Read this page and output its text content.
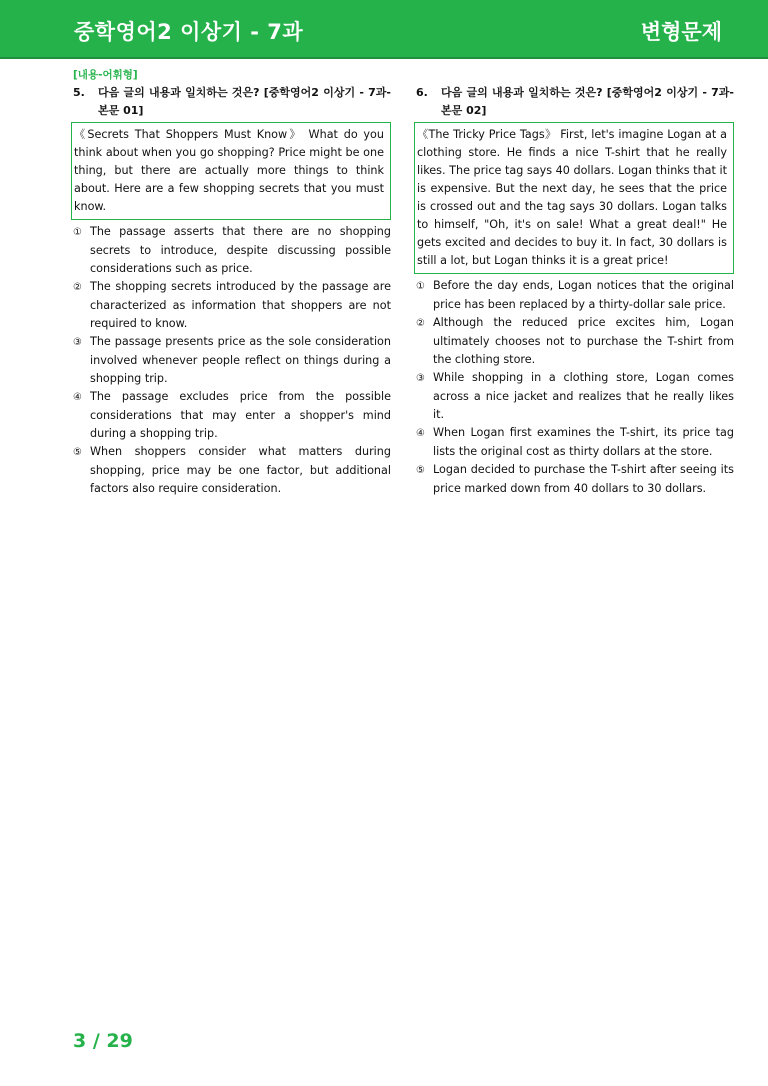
중학영어2 이상기 - 7과	변형문제
[내용-어휘형]
5.	다음 글의 내용과 일치하는 것은? [중학영어2 이상기 - 7과-본문 01]
《Secrets That Shoppers Must Know》 What do you think about when you go shopping? Price might be one thing, but there are actually more things to think about. Here are a few shopping secrets that you must know.
① The passage asserts that there are no shopping secrets to introduce, despite discussing possible considerations such as price.
② The shopping secrets introduced by the passage are characterized as information that shoppers are not required to know.
③ The passage presents price as the sole consideration involved whenever people reflect on things during a shopping trip.
④ The passage excludes price from the possible considerations that may enter a shopper's mind during a shopping trip.
⑤ When shoppers consider what matters during shopping, price may be one factor, but additional factors also require consideration.
6.	다음 글의 내용과 일치하는 것은? [중학영어2 이상기 - 7과-본문 02]
《The Tricky Price Tags》 First, let's imagine Logan at a clothing store. He finds a nice T-shirt that he really likes. The price tag says 40 dollars. Logan thinks that it is expensive. But the next day, he sees that the price is crossed out and the tag says 30 dollars. Logan talks to himself, "Oh, it's on sale! What a great deal!" He gets excited and decides to buy it. In fact, 30 dollars is still a lot, but Logan thinks it is a great price!
① Before the day ends, Logan notices that the original price has been replaced by a thirty-dollar sale price.
② Although the reduced price excites him, Logan ultimately chooses not to purchase the T-shirt from the clothing store.
③ While shopping in a clothing store, Logan comes across a nice jacket and realizes that he really likes it.
④ When Logan first examines the T-shirt, its price tag lists the original cost as thirty dollars at the store.
⑤ Logan decided to purchase the T-shirt after seeing its price marked down from 40 dollars to 30 dollars.
3 / 29
